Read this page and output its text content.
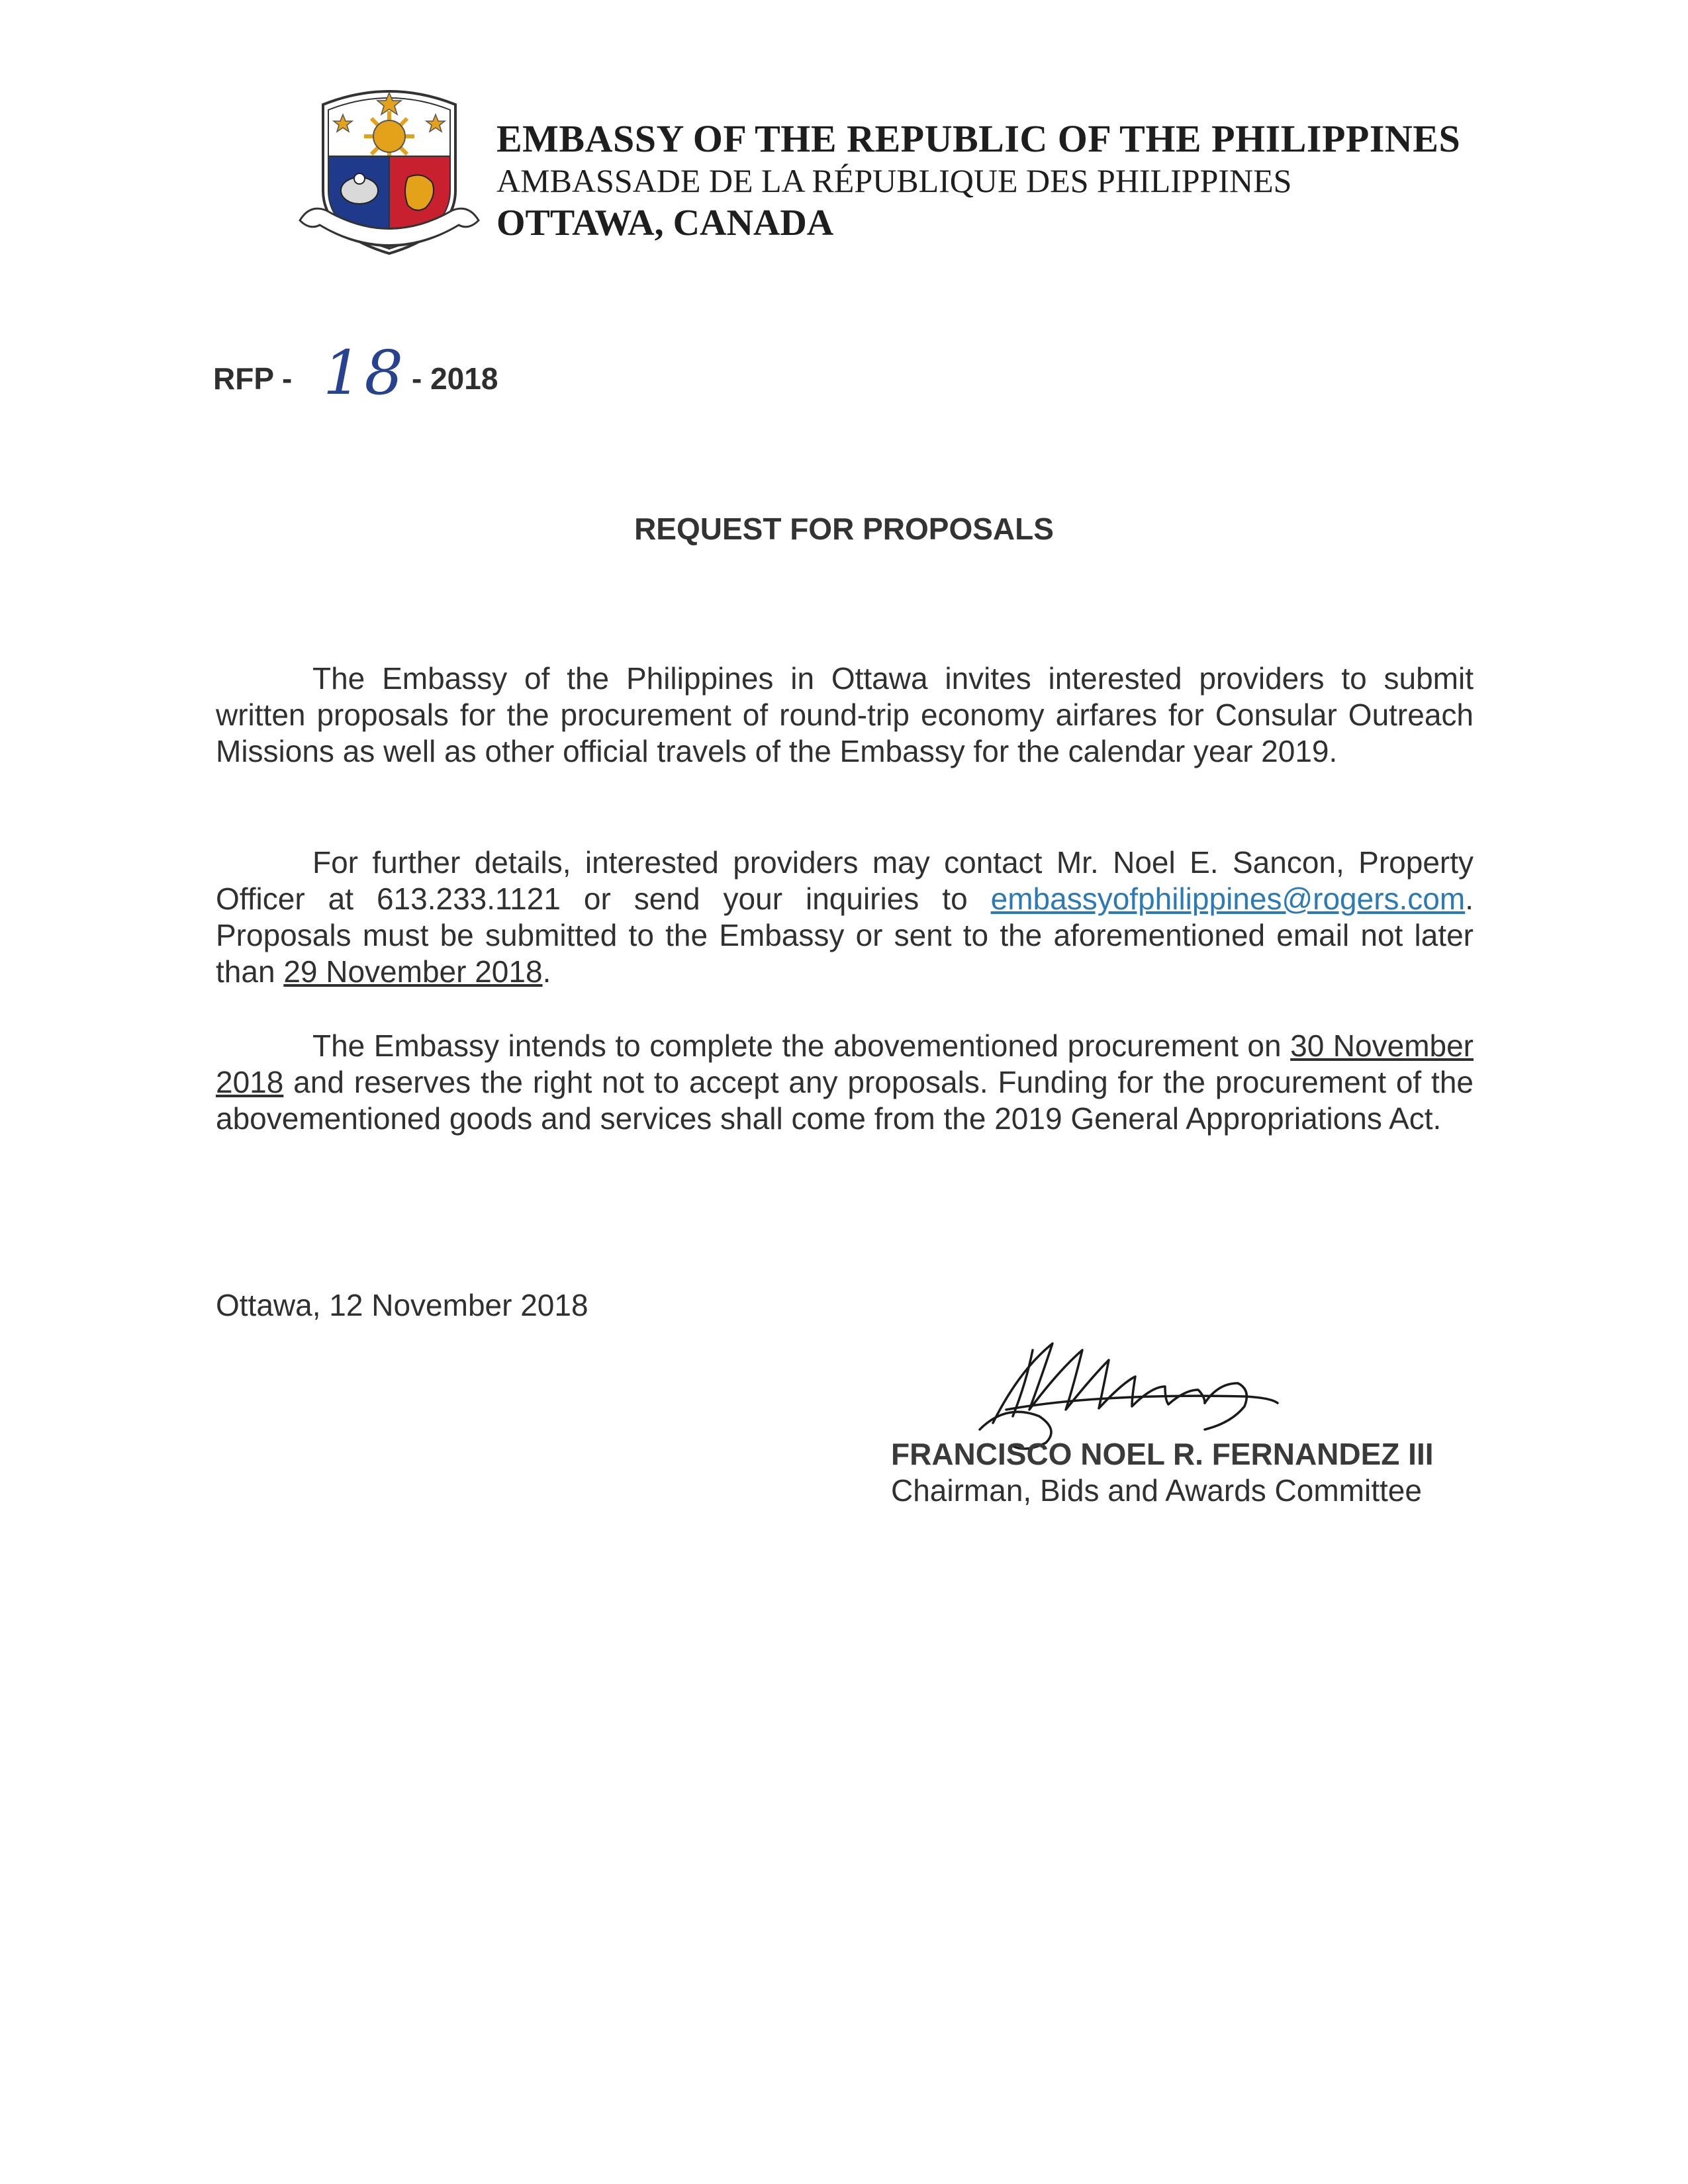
EMBASSY OF THE REPUBLIC OF THE PHILIPPINES
AMBASSADE DE LA RÉPUBLIQUE DES PHILIPPINES
OTTAWA, CANADA
RFP - 18 - 2018
REQUEST FOR PROPOSALS
The Embassy of the Philippines in Ottawa invites interested providers to submit written proposals for the procurement of round-trip economy airfares for Consular Outreach Missions as well as other official travels of the Embassy for the calendar year 2019.
For further details, interested providers may contact Mr. Noel E. Sancon, Property Officer at 613.233.1121 or send your inquiries to embassyofphilippines@rogers.com. Proposals must be submitted to the Embassy or sent to the aforementioned email not later than 29 November 2018.
The Embassy intends to complete the abovementioned procurement on 30 November 2018 and reserves the right not to accept any proposals. Funding for the procurement of the abovementioned goods and services shall come from the 2019 General Appropriations Act.
Ottawa, 12 November 2018
FRANCISCO NOEL R. FERNANDEZ III
Chairman, Bids and Awards Committee
